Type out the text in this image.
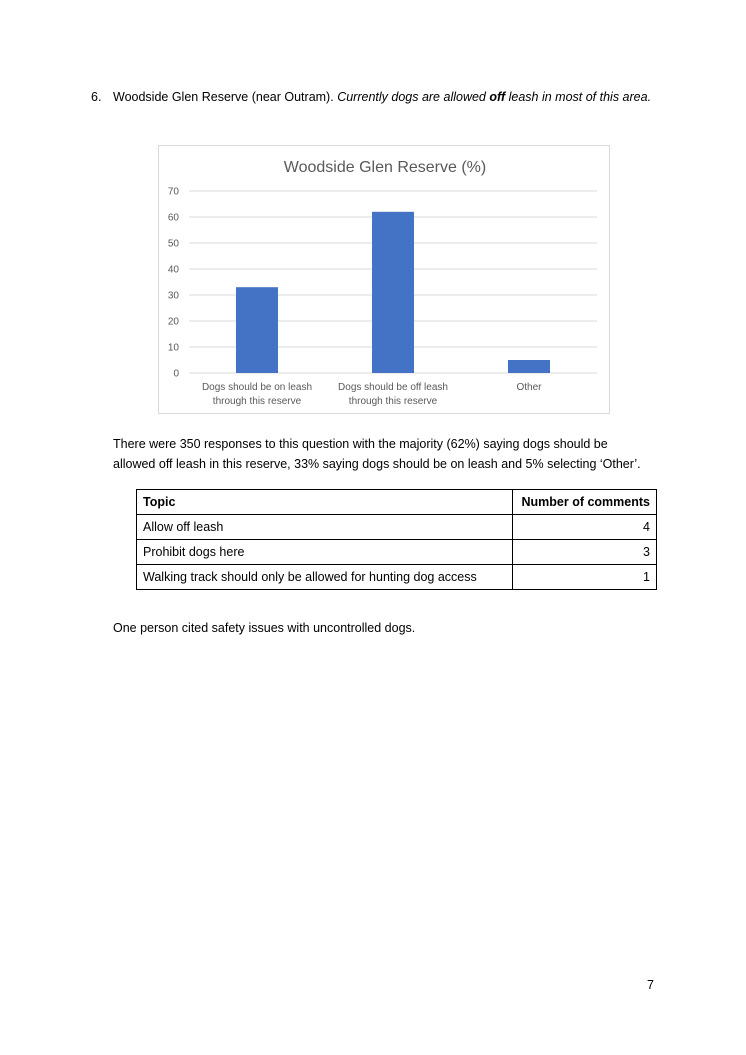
6. Woodside Glen Reserve (near Outram). Currently dogs are allowed off leash in most of this area.
Woodside Glen Reserve (%)
0
10
20
30
40
50
60
70
Dogs should be on leash
through this reserve
Dogs should be off leash
through this reserve
Other
There were 350 responses to this question with the majority (62%) saying dogs should be allowed off leash in this reserve, 33% saying dogs should be on leash and 5% selecting ‘Other’.
Topic	Number of comments
Allow off leash	4
Prohibit dogs here	3
Walking track should only be allowed for hunting dog access	1
One person cited safety issues with uncontrolled dogs.
7
